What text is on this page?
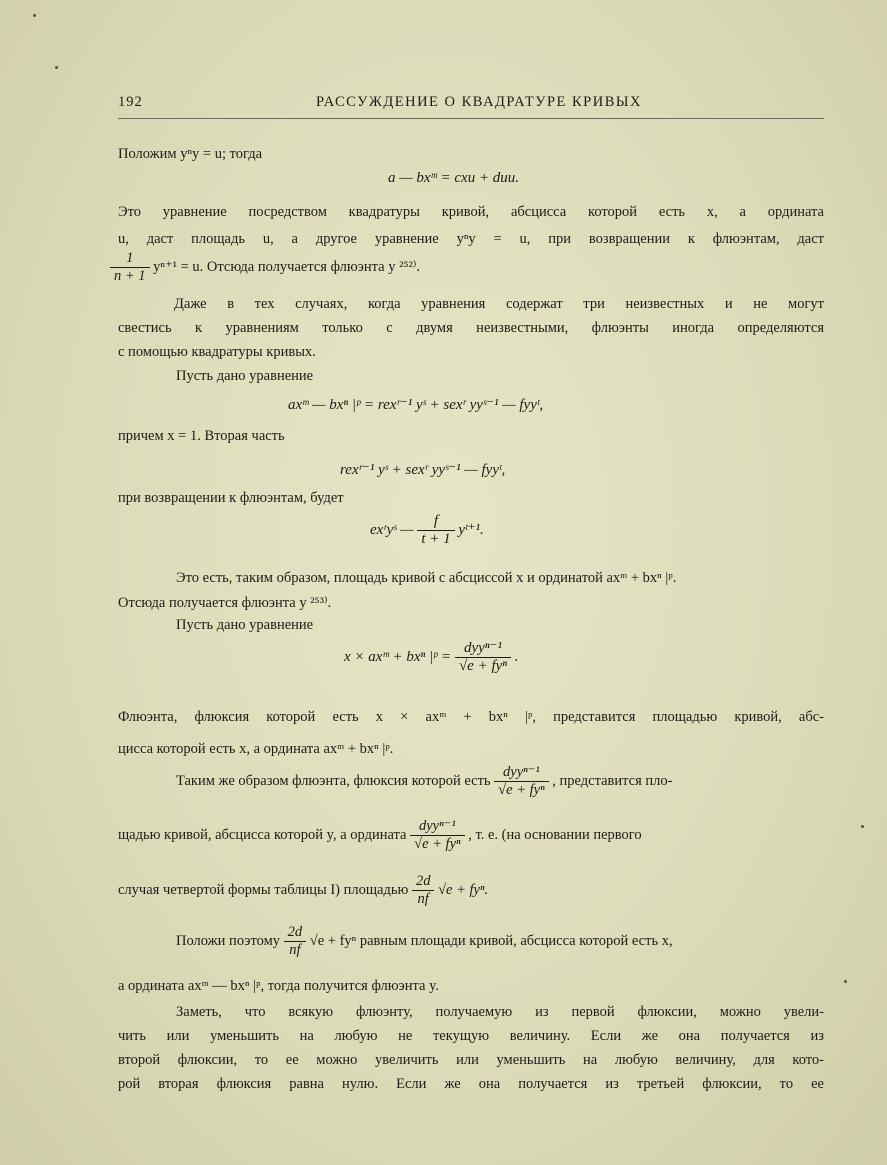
192	РАССУЖДЕНИЕ О КВАДРАТУРЕ КРИВЫХ
Положим yⁿy = u; тогда
a — bxᵐ = cxu + duu.
Это уравнение посредством квадратуры кривой, абсцисса которой есть x, а ордината
u, даст площадь u, а другое уравнение yⁿy = u, при возвращении к флюэнтам, даст
$\frac{1}{n + 1} y^{n+1} = u$. Отсюда получается флюэнта y ²⁵²⁾.
Даже в тех случаях, когда уравнения содержат три неизвестных и не могут
свестись к уравнениям только с двумя неизвестными, флюэнты иногда определяются
с помощью квадратуры кривых.
Пусть дано уравнение
axᵐ — bxⁿ |ᵖ = rexʳ⁻¹ yˢ + sexʳ yyˢ⁻¹ — fyyᵗ,
причем x = 1. Вторая часть
rexʳ⁻¹ yˢ + sexʳ yyˢ⁻¹ — fyyᵗ,
при возвращении к флюэнтам, будет
exʳyˢ — $\frac{f}{t + 1}$ yᵗ⁺¹.
Это есть, таким образом, площадь кривой с абсциссой x и ординатой axᵐ + bxⁿ |ᵖ.
Отсюда получается флюэнта y ²⁵³⁾.
Пусть дано уравнение
x × axᵐ + bxⁿ |ᵖ = $\frac{\text{dyyⁿ⁻¹}}{\text{√e + fyⁿ}}$ .
Флюэнта, флюксия которой есть x × axᵐ + bxⁿ |ᵖ, представится площадью кривой, абс-
цисса которой есть x, а ордината axᵐ + bxⁿ |ᵖ.
Таким же образом флюэнта, флюксия которой есть $\frac{\text{dyyⁿ⁻¹}}{\text{√e + fyⁿ}}$ , представится пло-
щадью кривой, абсцисса которой y, а ордината $\frac{\text{dyyⁿ⁻¹}}{\text{√e + fyⁿ}}$ , т. е. (на основании первого
случая четвертой формы таблицы I) площадью $\frac{2d}{nf} √e + fy^n$.
Положи поэтому $\frac{2d}{nf} √e + fy^n$ равным площади кривой, абсцисса которой есть x,
а ордината axᵐ — bxⁿ |ᵖ, тогда получится флюэнта y.
Заметь, что всякую флюэнту, получаемую из первой флюксии, можно увели-
чить или уменьшить на любую не текущую величину. Если же она получается из
второй флюксии, то ее можно увеличить или уменьшить на любую величину, для кото-
рой вторая флюксия равна нулю. Если же она получается из третьей флюксии, то ее
